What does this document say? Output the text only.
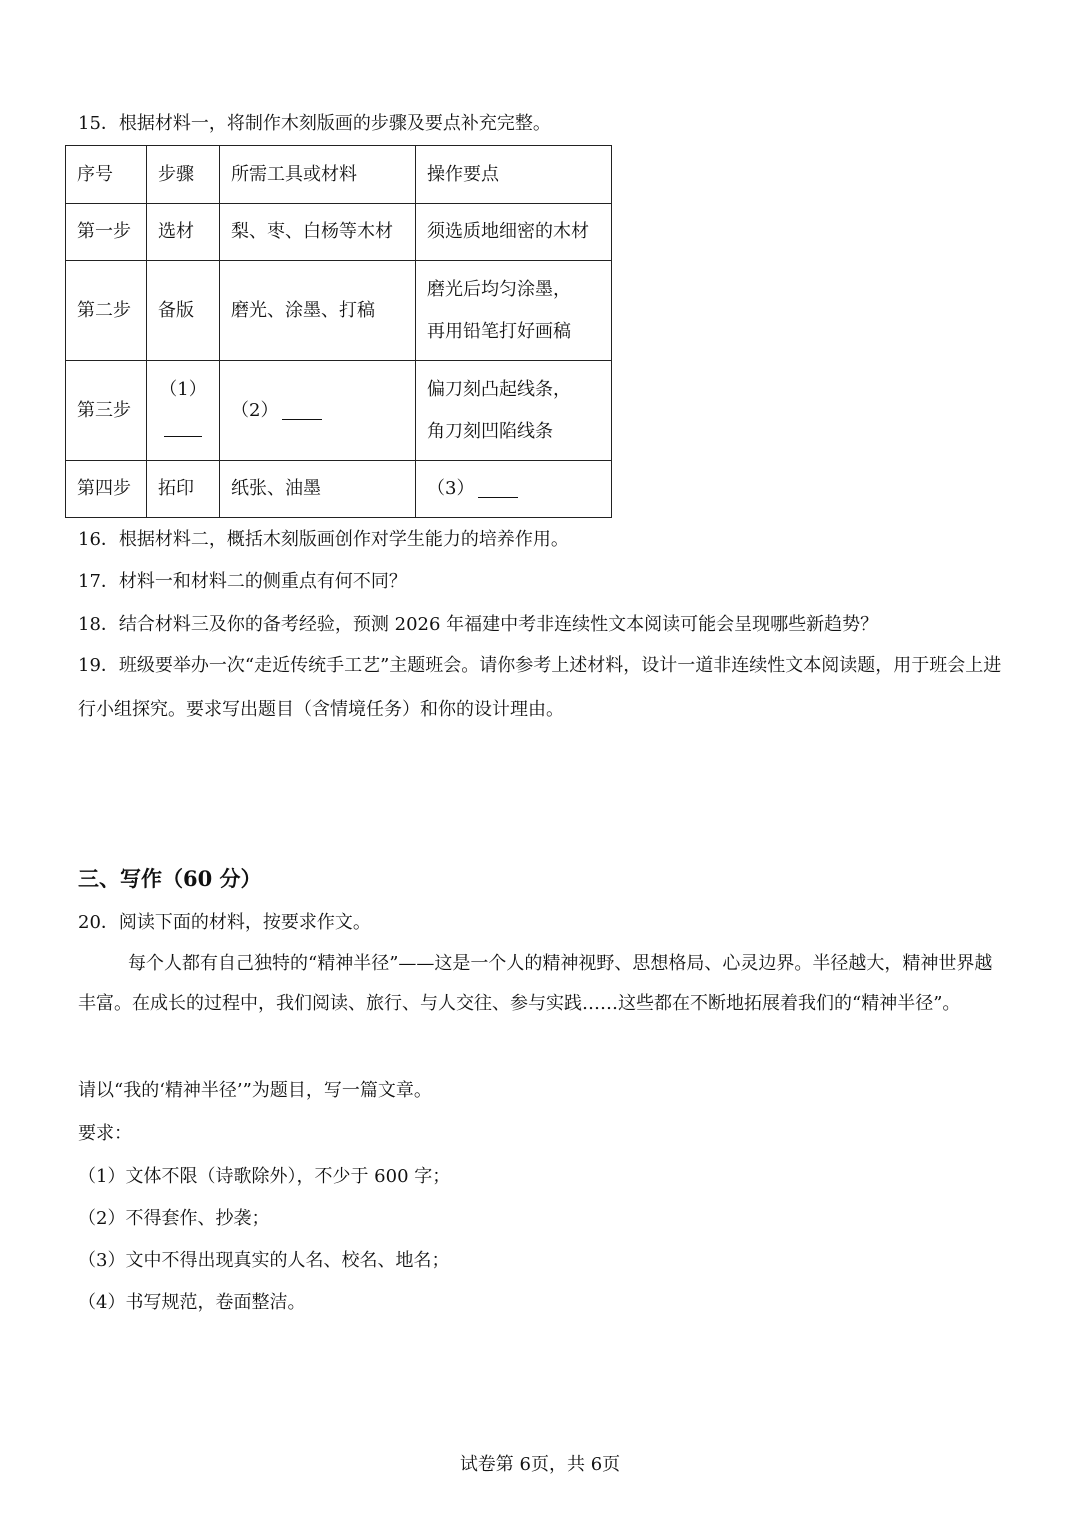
15．根据材料一，将制作木刻版画的步骤及要点补充完整。
序号	步骤	所需工具或材料	操作要点
第一步	选材	梨、枣、白杨等木材	须选质地细密的木材
第二步	备版	磨光、涂墨、打稿	磨光后均匀涂墨，
再用铅笔打好画稿

第三步	（1）	（2）	偏刀刻凸起线条，
角刀刻凹陷线条

第四步	拓印	纸张、油墨	（3）
16．根据材料二，概括木刻版画创作对学生能力的培养作用。
17．材料一和材料二的侧重点有何不同？
18．结合材料三及你的备考经验，预测 2026 年福建中考非连续性文本阅读可能会呈现哪些新趋势？
19．班级要举办一次“走近传统手工艺”主题班会。请你参考上述材料，设计一道非连续性文本阅读题，用于班会上进行小组探究。要求写出题目（含情境任务）和你的设计理由。
三、写作（60 分）
20．阅读下面的材料，按要求作文。
每个人都有自己独特的“精神半径”——这是一个人的精神视野、思想格局、心灵边界。半径越大，精神世界越丰富。在成长的过程中，我们阅读、旅行、与人交往、参与实践……这些都在不断地拓展着我们的“精神半径”。
请以“我的‘精神半径’”为题目，写一篇文章。
要求：
（1）文体不限（诗歌除外），不少于 600 字；
（2）不得套作、抄袭；
（3）文中不得出现真实的人名、校名、地名；
（4）书写规范，卷面整洁。
试卷第 6页，共 6页
